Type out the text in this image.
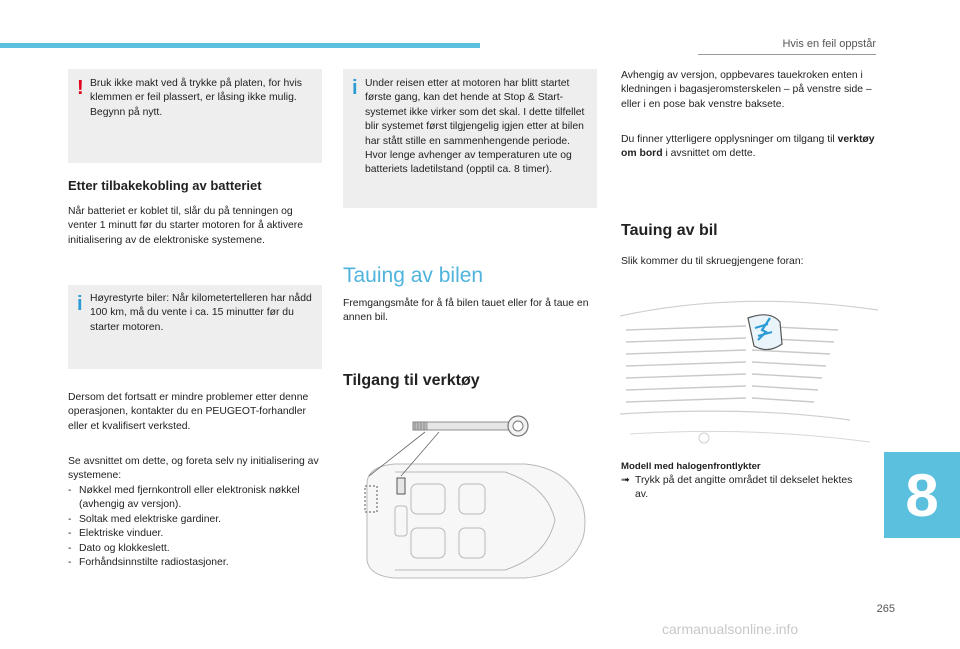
Hvis en feil oppstår
! Bruk ikke makt ved å trykke på platen, for hvis klemmen er feil plassert, er låsing ikke mulig. Begynn på nytt.
Etter tilbakekobling av batteriet
Når batteriet er koblet til, slår du på tenningen og venter 1 minutt før du starter motoren for å aktivere initialisering av de elektroniske systemene.
i Høyrestyrte biler: Når kilometertelleren har nådd 100 km, må du vente i ca. 15 minutter før du starter motoren.
Dersom det fortsatt er mindre problemer etter denne operasjonen, kontakter du en PEUGEOT-forhandler eller et kvalifisert verksted.
Se avsnittet om dette, og foreta selv ny initialisering av systemene:
- Nøkkel med fjernkontroll eller elektronisk nøkkel (avhengig av versjon).
- Soltak med elektriske gardiner.
- Elektriske vinduer.
- Dato og klokkeslett.
- Forhåndsinnstilte radiostasjoner.
i Under reisen etter at motoren har blitt startet første gang, kan det hende at Stop & Start-systemet ikke virker som det skal. I dette tilfellet blir systemet først tilgjengelig igjen etter at bilen har stått stille en sammenhengende periode. Hvor lenge avhenger av temperaturen ute og batteriets ladetilstand (opptil ca. 8 timer).
Tauing av bilen
Fremgangsmåte for å få bilen tauet eller for å taue en annen bil.
Tilgang til verktøy
Avhengig av versjon, oppbevares tauekroken enten i kledningen i bagasjeromsterskelen – på venstre side – eller i en pose bak venstre baksete.
Du finner ytterligere opplysninger om tilgang til verktøy om bord i avsnittet om dette.
Tauing av bil
Slik kommer du til skruegjengene foran:
Modell med halogenfrontlykter
➟ Trykk på det angitte området til dekselet hektes av.	8
265
carmanualsonline.info
